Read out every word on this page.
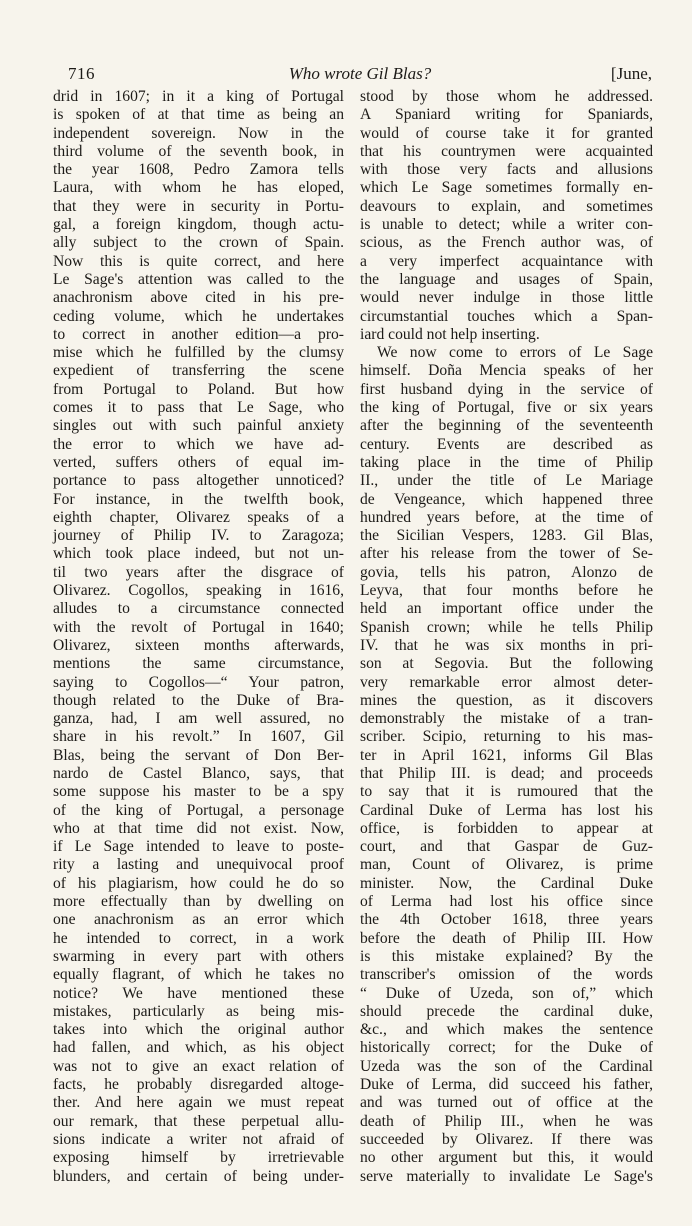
716	Who wrote Gil Blas?	[June,
drid in 1607; in it a king of Portugal
is spoken of at that time as being an
independent sovereign. Now in the
third volume of the seventh book, in
the year 1608, Pedro Zamora tells
Laura, with whom he has eloped,
that they were in security in Portu-
gal, a foreign kingdom, though actu-
ally subject to the crown of Spain.
Now this is quite correct, and here
Le Sage's attention was called to the
anachronism above cited in his pre-
ceding volume, which he undertakes
to correct in another edition—a pro-
mise which he fulfilled by the clumsy
expedient of transferring the scene
from Portugal to Poland. But how
comes it to pass that Le Sage, who
singles out with such painful anxiety
the error to which we have ad-
verted, suffers others of equal im-
portance to pass altogether unnoticed?
For instance, in the twelfth book,
eighth chapter, Olivarez speaks of a
journey of Philip IV. to Zaragoza;
which took place indeed, but not un-
til two years after the disgrace of
Olivarez. Cogollos, speaking in 1616,
alludes to a circumstance connected
with the revolt of Portugal in 1640;
Olivarez, sixteen months afterwards,
mentions the same circumstance,
saying to Cogollos—“ Your patron,
though related to the Duke of Bra-
ganza, had, I am well assured, no
share in his revolt.” In 1607, Gil
Blas, being the servant of Don Ber-
nardo de Castel Blanco, says, that
some suppose his master to be a spy
of the king of Portugal, a personage
who at that time did not exist. Now,
if Le Sage intended to leave to poste-
rity a lasting and unequivocal proof
of his plagiarism, how could he do so
more effectually than by dwelling on
one anachronism as an error which
he intended to correct, in a work
swarming in every part with others
equally flagrant, of which he takes no
notice? We have mentioned these
mistakes, particularly as being mis-
takes into which the original author
had fallen, and which, as his object
was not to give an exact relation of
facts, he probably disregarded altoge-
ther. And here again we must repeat
our remark, that these perpetual allu-
sions indicate a writer not afraid of
exposing himself by irretrievable
blunders, and certain of being under-
stood by those whom he addressed.
A Spaniard writing for Spaniards,
would of course take it for granted
that his countrymen were acquainted
with those very facts and allusions
which Le Sage sometimes formally en-
deavours to explain, and sometimes
is unable to detect; while a writer con-
scious, as the French author was, of
a very imperfect acquaintance with
the language and usages of Spain,
would never indulge in those little
circumstantial touches which a Span-
iard could not help inserting.
We now come to errors of Le Sage
himself. Doña Mencia speaks of her
first husband dying in the service of
the king of Portugal, five or six years
after the beginning of the seventeenth
century. Events are described as
taking place in the time of Philip
II., under the title of Le Mariage
de Vengeance, which happened three
hundred years before, at the time of
the Sicilian Vespers, 1283. Gil Blas,
after his release from the tower of Se-
govia, tells his patron, Alonzo de
Leyva, that four months before he
held an important office under the
Spanish crown; while he tells Philip
IV. that he was six months in pri-
son at Segovia. But the following
very remarkable error almost deter-
mines the question, as it discovers
demonstrably the mistake of a tran-
scriber. Scipio, returning to his mas-
ter in April 1621, informs Gil Blas
that Philip III. is dead; and proceeds
to say that it is rumoured that the
Cardinal Duke of Lerma has lost his
office, is forbidden to appear at
court, and that Gaspar de Guz-
man, Count of Olivarez, is prime
minister. Now, the Cardinal Duke
of Lerma had lost his office since
the 4th October 1618, three years
before the death of Philip III. How
is this mistake explained? By the
transcriber's omission of the words
“ Duke of Uzeda, son of,” which
should precede the cardinal duke,
&c., and which makes the sentence
historically correct; for the Duke of
Uzeda was the son of the Cardinal
Duke of Lerma, did succeed his father,
and was turned out of office at the
death of Philip III., when he was
succeeded by Olivarez. If there was
no other argument but this, it would
serve materially to invalidate Le Sage's
